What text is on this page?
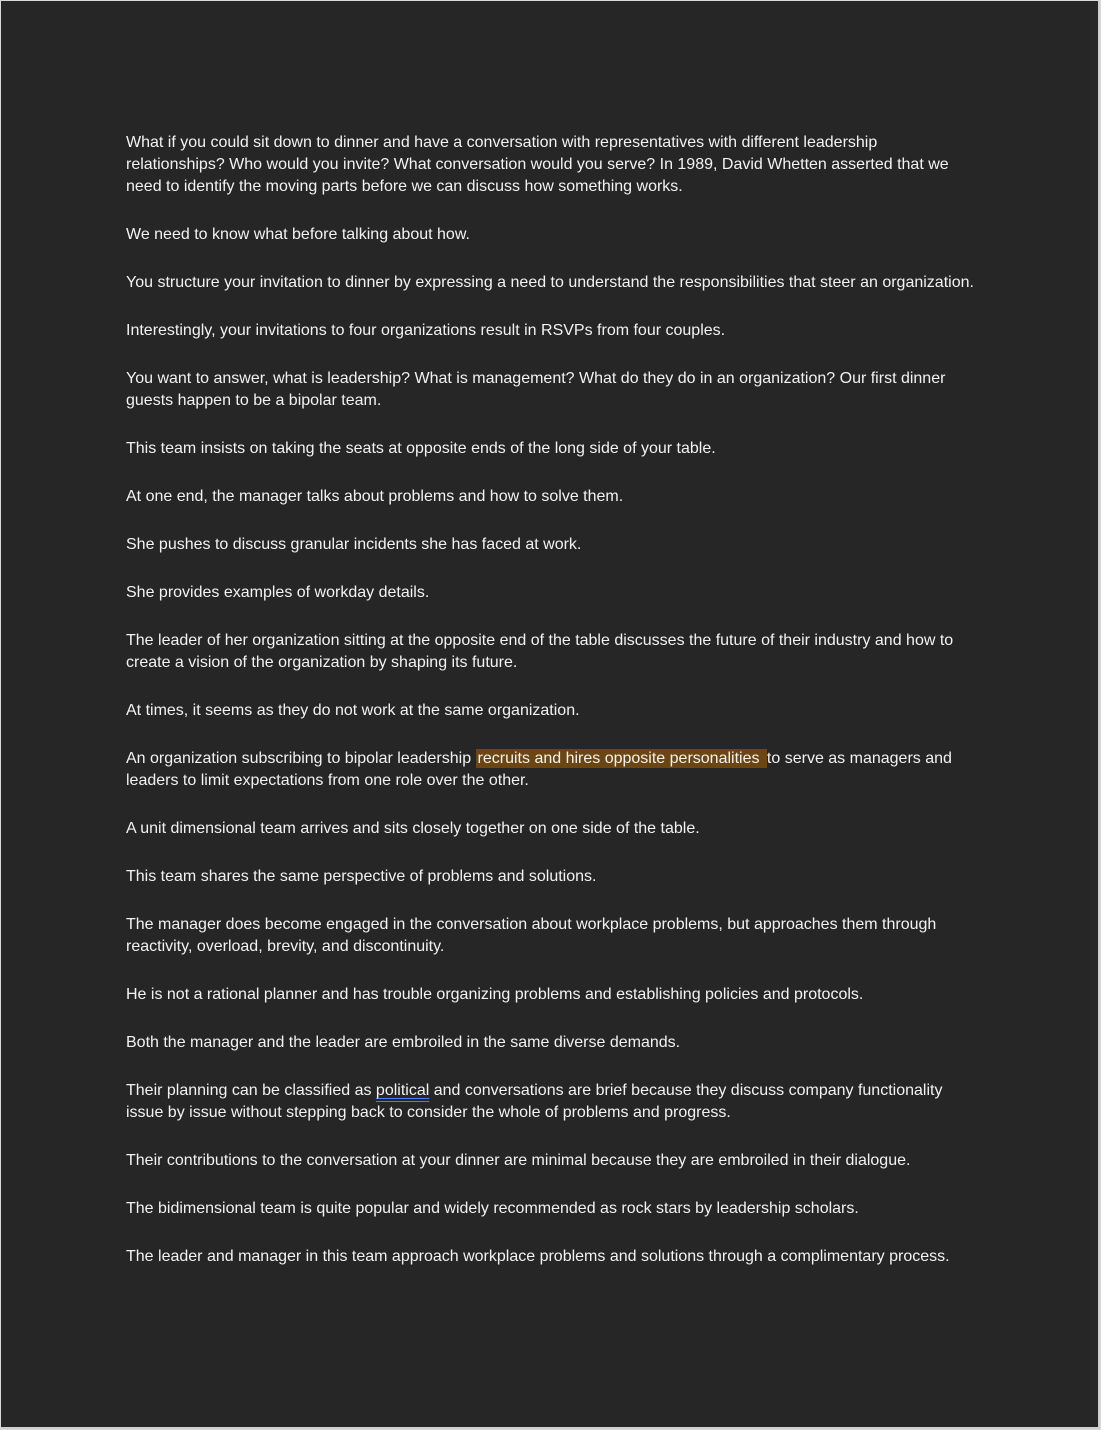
What if you could sit down to dinner and have a conversation with representatives with different leadership relationships? Who would you invite? What conversation would you serve? In 1989, David Whetten asserted that we need to identify the moving parts before we can discuss how something works.

We need to know what before talking about how.

You structure your invitation to dinner by expressing a need to understand the responsibilities that steer an organization.

Interestingly, your invitations to four organizations result in RSVPs from four couples.

You want to answer, what is leadership? What is management? What do they do in an organization? Our first dinner guests happen to be a bipolar team.

This team insists on taking the seats at opposite ends of the long side of your table.

At one end, the manager talks about problems and how to solve them.

She pushes to discuss granular incidents she has faced at work.

She provides examples of workday details.

The leader of her organization sitting at the opposite end of the table discusses the future of their industry and how to create a vision of the organization by shaping its future.

At times, it seems as they do not work at the same organization.

An organization subscribing to bipolar leadership recruits and hires opposite personalities to serve as managers and leaders to limit expectations from one role over the other.

A unit dimensional team arrives and sits closely together on one side of the table.

This team shares the same perspective of problems and solutions.

The manager does become engaged in the conversation about workplace problems, but approaches them through reactivity, overload, brevity, and discontinuity.

He is not a rational planner and has trouble organizing problems and establishing policies and protocols.

Both the manager and the leader are embroiled in the same diverse demands.

Their planning can be classified as political and conversations are brief because they discuss company functionality issue by issue without stepping back to consider the whole of problems and progress.

Their contributions to the conversation at your dinner are minimal because they are embroiled in their dialogue.

The bidimensional team is quite popular and widely recommended as rock stars by leadership scholars.

The leader and manager in this team approach workplace problems and solutions through a complimentary process.
